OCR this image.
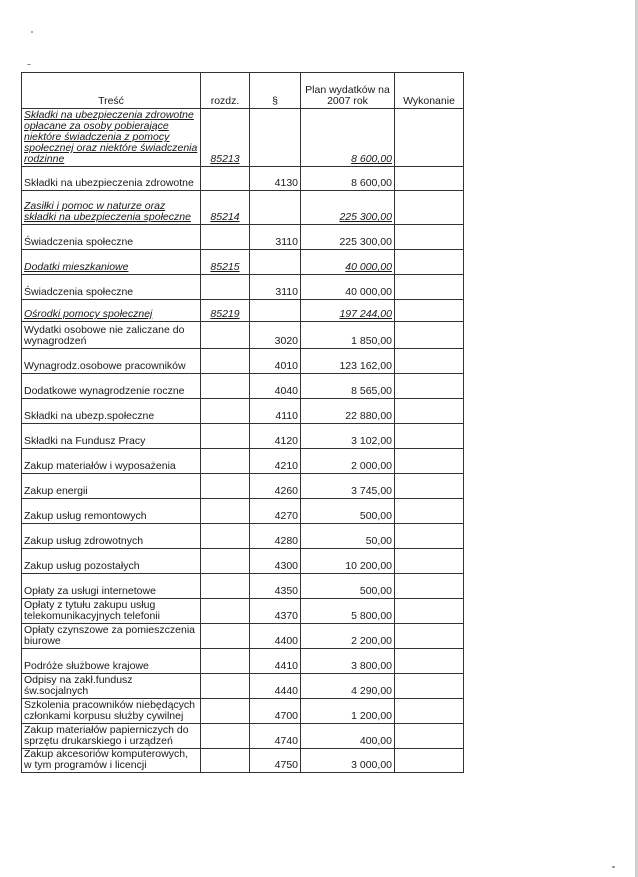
Treść	rozdz.	§	Plan wydatków na 2007 rok	Wykonanie
Składki na ubezpieczenia zdrowotne opłacane za osoby pobierające niektóre świadczenia z pomocy społecznej oraz niektóre świadczenia rodzinne	85213		8 600,00	
Składki na ubezpieczenia zdrowotne		4130	8 600,00	
Zasiłki i pomoc w naturze oraz składki na ubezpieczenia społeczne	85214		225 300,00	
Świadczenia społeczne		3110	225 300,00	
Dodatki mieszkaniowe	85215		40 000,00	
Świadczenia społeczne		3110	40 000,00	
Ośrodki pomocy społecznej	85219		197 244,00	
Wydatki osobowe nie zaliczane do wynagrodzeń		3020	1 850,00	
Wynagrodz.osobowe pracowników		4010	123 162,00	
Dodatkowe wynagrodzenie roczne		4040	8 565,00	
Składki na ubezp.społeczne		4110	22 880,00	
Składki na Fundusz Pracy		4120	3 102,00	
Zakup materiałów i wyposażenia		4210	2 000,00	
Zakup energii		4260	3 745,00	
Zakup usług remontowych		4270	500,00	
Zakup usług zdrowotnych		4280	50,00	
Zakup usług pozostałych		4300	10 200,00	
Opłaty za usługi internetowe		4350	500,00	
Opłaty z tytułu zakupu usług telekomunikacyjnych telefonii		4370	5 800,00	
Opłaty czynszowe za pomieszczenia biurowe		4400	2 200,00	
Podróże służbowe krajowe		4410	3 800,00	
Odpisy na zakł.fundusz św.socjalnych		4440	4 290,00	
Szkolenia pracowników niebędących członkami korpusu służby cywilnej		4700	1 200,00	
Zakup materiałów papierniczych do sprzętu drukarskiego i urządzeń		4740	400,00	
Zakup akcesoriów komputerowych, w tym programów i licencji		4750	3 000,00	
